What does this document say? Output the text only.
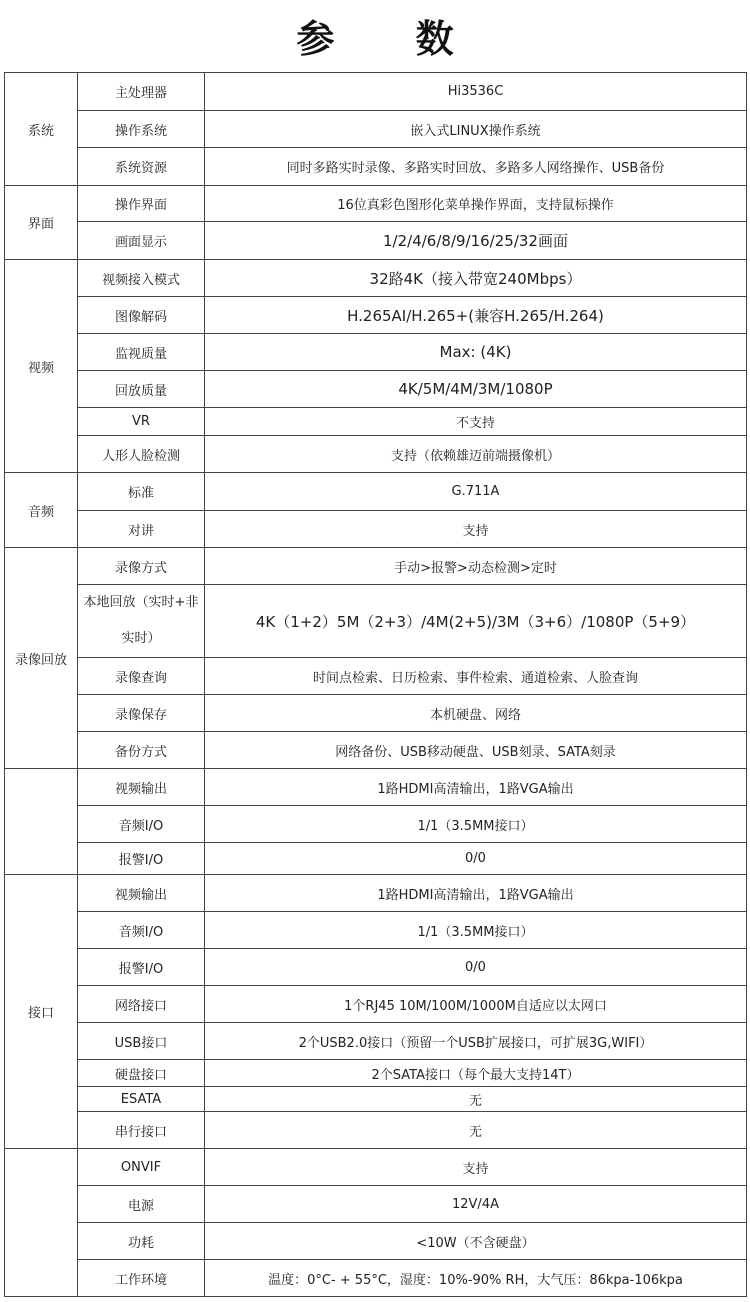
参 数
系统	主处理器	Hi3536C
	操作系统	嵌入式LINUX操作系统
	系统资源	同时多路实时录像、多路实时回放、多路多人网络操作、USB备份
界面	操作界面	16位真彩色图形化菜单操作界面，支持鼠标操作
	画面显示	1/2/4/6/8/9/16/25/32画面
视频	视频接入模式	32路4K（接入带宽240Mbps）
	图像解码	H.265AI/H.265+(兼容H.265/H.264)
	监视质量	Max: (4K)
	回放质量	4K/5M/4M/3M/1080P
	VR	不支持
	人形人脸检测	支持（依赖雄迈前端摄像机）
音频	标准	G.711A
	对讲	支持
录像回放	录像方式	手动>报警>动态检测>定时
	本地回放（实时+非实时）	4K（1+2）5M（2+3）/4M(2+5)/3M（3+6）/1080P（5+9）
	录像查询	时间点检索、日历检索、事件检索、通道检索、人脸查询
	录像保存	本机硬盘、网络
	备份方式	网络备份、USB移动硬盘、USB刻录、SATA刻录
	视频输出	1路HDMI高清输出，1路VGA输出
	音频I/O	1/1（3.5MM接口）
	报警I/O	0/0
接口	视频输出	1路HDMI高清输出，1路VGA输出
	音频I/O	1/1（3.5MM接口）
	报警I/O	0/0
	网络接口	1个RJ45 10M/100M/1000M自适应以太网口
	USB接口	2个USB2.0接口（预留一个USB扩展接口，可扩展3G,WIFI）
	硬盘接口	2个SATA接口（每个最大支持14T）
	ESATA	无
	串行接口	无
	ONVIF	支持
	电源	12V/4A
	功耗	<10W（不含硬盘）
	工作环境	温度：0°C- + 55°C，湿度：10%-90% RH，大气压：86kpa-106kpa
